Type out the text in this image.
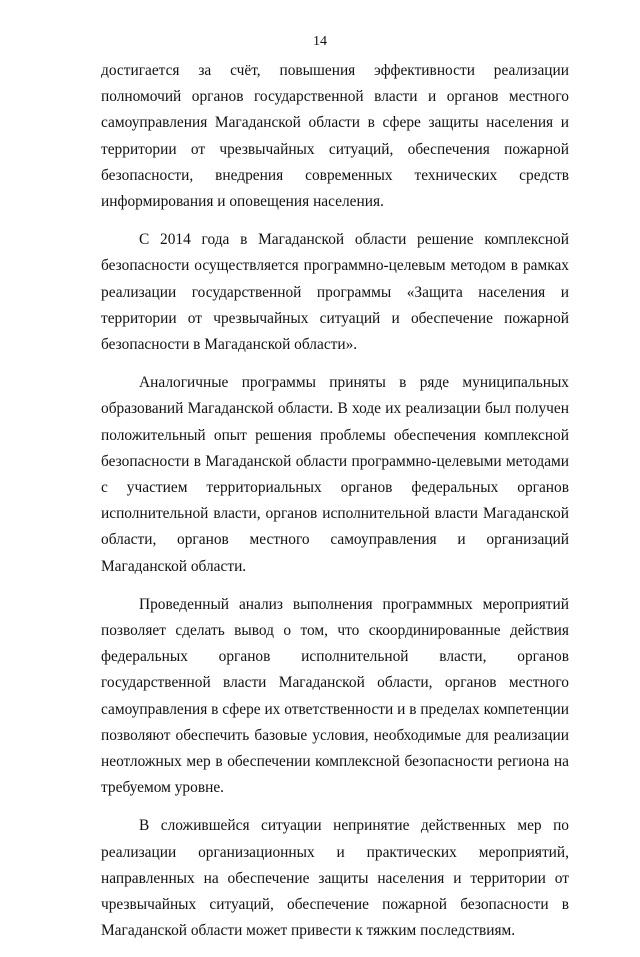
14

достигается за счёт, повышения эффективности реализации полномочий органов государственной власти и органов местного самоуправления Магаданской области в сфере защиты населения и территории от чрезвычайных ситуаций, обеспечения пожарной безопасности, внедрения современных технических средств информирования и оповещения населения.

С 2014 года в Магаданской области решение комплексной безопасности осуществляется программно-целевым методом в рамках реализации государственной программы «Защита населения и территории от чрезвычайных ситуаций и обеспечение пожарной безопасности в Магаданской области».

Аналогичные программы приняты в ряде муниципальных образований Магаданской области. В ходе их реализации был получен положительный опыт решения проблемы обеспечения комплексной безопасности в Магаданской области программно-целевыми методами с участием территориальных органов федеральных органов исполнительной власти, органов исполнительной власти Магаданской области, органов местного самоуправления и организаций Магаданской области.

Проведенный анализ выполнения программных мероприятий позволяет сделать вывод о том, что скоординированные действия федеральных органов исполнительной власти, органов государственной власти Магаданской области, органов местного самоуправления в сфере их ответственности и в пределах компетенции позволяют обеспечить базовые условия, необходимые для реализации неотложных мер в обеспечении комплексной безопасности региона на требуемом уровне.

В сложившейся ситуации непринятие действенных мер по реализации организационных и практических мероприятий, направленных на обеспечение защиты населения и территории от чрезвычайных ситуаций, обеспечение пожарной безопасности в Магаданской области может привести к тяжким последствиям.
